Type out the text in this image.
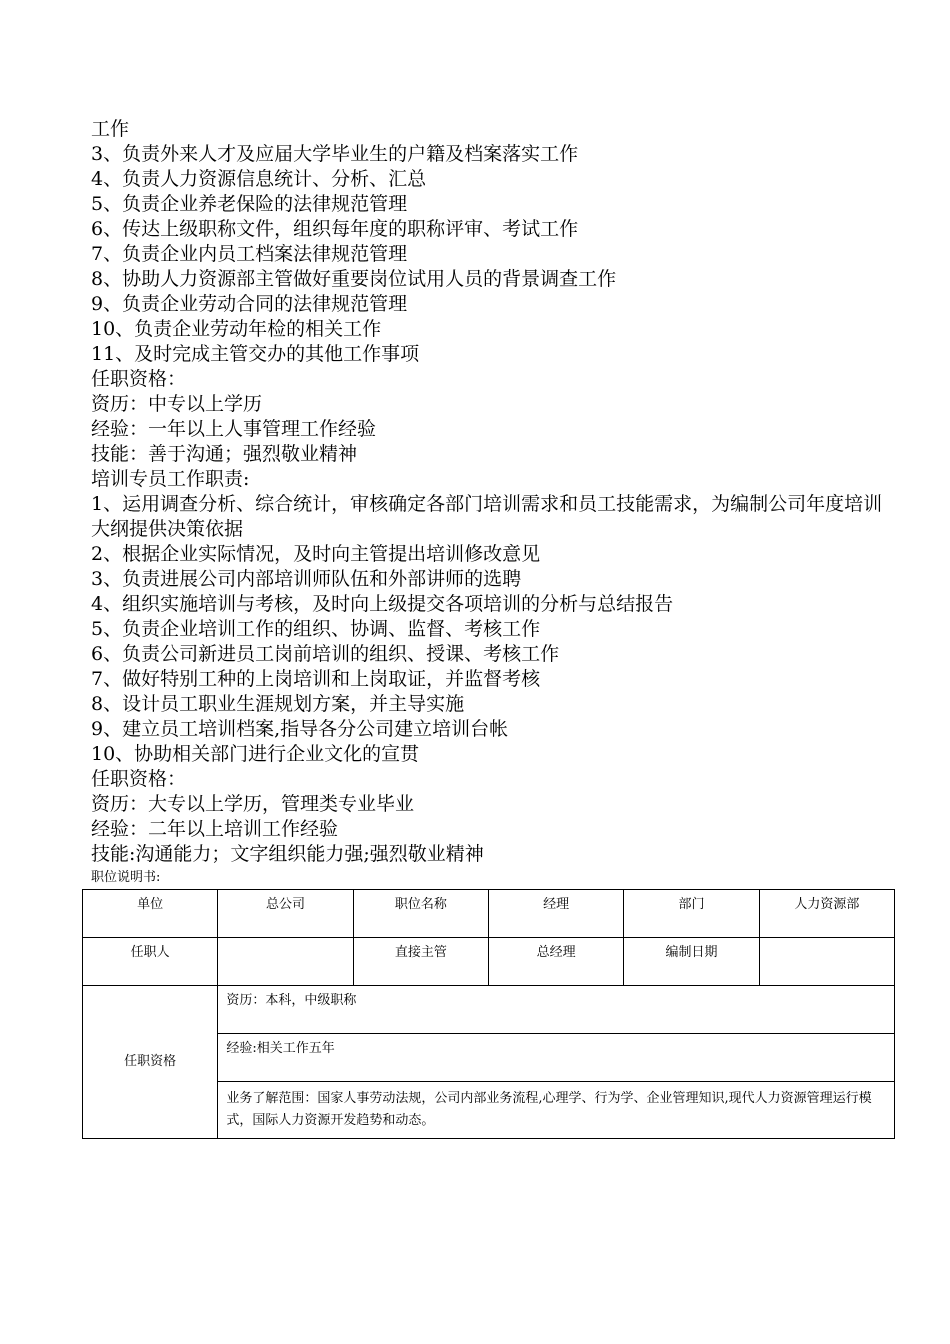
工作

3、负责外来人才及应届大学毕业生的户籍及档案落实工作

4、负责人力资源信息统计、分析、汇总

5、负责企业养老保险的法律规范管理

6、传达上级职称文件，组织每年度的职称评审、考试工作

7、负责企业内员工档案法律规范管理

8、协助人力资源部主管做好重要岗位试用人员的背景调查工作

9、负责企业劳动合同的法律规范管理

10、负责企业劳动年检的相关工作

11、及时完成主管交办的其他工作事项

任职资格：

资历：中专以上学历

经验：一年以上人事管理工作经验

技能：善于沟通；强烈敬业精神

培训专员工作职责:

1、运用调查分析、综合统计，审核确定各部门培训需求和员工技能需求，为编制公司年度培训大纲提供决策依据

2、根据企业实际情况，及时向主管提出培训修改意见

3、负责进展公司内部培训师队伍和外部讲师的选聘

4、组织实施培训与考核，及时向上级提交各项培训的分析与总结报告

5、负责企业培训工作的组织、协调、监督、考核工作

6、负责公司新进员工岗前培训的组织、授课、考核工作

7、做好特别工种的上岗培训和上岗取证，并监督考核

8、设计员工职业生涯规划方案，并主导实施

9、建立员工培训档案,指导各分公司建立培训台帐

10、协助相关部门进行企业文化的宣贯

任职资格：

资历：大专以上学历，管理类专业毕业

经验：二年以上培训工作经验

技能:沟通能力；文字组织能力强;强烈敬业精神

职位说明书:
单位	总公司	职位名称	经理	部门	人力资源部
任职人		直接主管	总经理	编制日期	
任职资格	资历：本科，中级职称				
	经验:相关工作五年				
	业务了解范围：国家人事劳动法规，公司内部业务流程,心理学、行为学、企业管理知识,现代人力资源管理运行模式，国际人力资源开发趋势和动态。				
